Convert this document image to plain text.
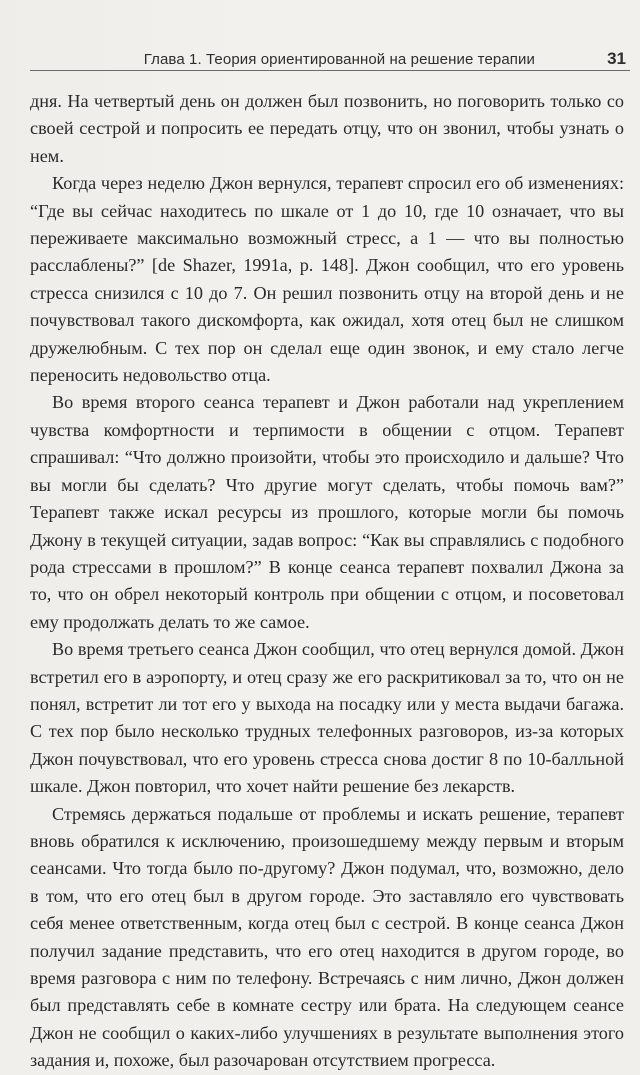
Глава 1. Теория ориентированной на решение терапии	31

дня. На четвертый день он должен был позвонить, но поговорить только со своей сестрой и попросить ее передать отцу, что он звонил, чтобы узнать о нем.

Когда через неделю Джон вернулся, терапевт спросил его об изменениях: “Где вы сейчас находитесь по шкале от 1 до 10, где 10 означает, что вы переживаете максимально возможный стресс, а 1 — что вы полностью расслаблены?” [de Shazer, 1991a, p. 148]. Джон сообщил, что его уровень стресса снизился с 10 до 7. Он решил позвонить отцу на второй день и не почувствовал такого дискомфорта, как ожидал, хотя отец был не слишком дружелюбным. С тех пор он сделал еще один звонок, и ему стало легче переносить недовольство отца.

Во время второго сеанса терапевт и Джон работали над укреплением чувства комфортности и терпимости в общении с отцом. Терапевт спрашивал: “Что должно произойти, чтобы это происходило и дальше? Что вы могли бы сделать? Что другие могут сделать, чтобы помочь вам?” Терапевт также искал ресурсы из прошлого, которые могли бы помочь Джону в текущей ситуации, задав вопрос: “Как вы справлялись с подобного рода стрессами в прошлом?” В конце сеанса терапевт похвалил Джона за то, что он обрел некоторый контроль при общении с отцом, и посоветовал ему продолжать делать то же самое.

Во время третьего сеанса Джон сообщил, что отец вернулся домой. Джон встретил его в аэропорту, и отец сразу же его раскритиковал за то, что он не понял, встретит ли тот его у выхода на посадку или у места выдачи багажа. С тех пор было несколько трудных телефонных разговоров, из-за которых Джон почувствовал, что его уровень стресса снова достиг 8 по 10-балльной шкале. Джон повторил, что хочет найти решение без лекарств.

Стремясь держаться подальше от проблемы и искать решение, терапевт вновь обратился к исключению, произошедшему между первым и вторым сеансами. Что тогда было по-другому? Джон подумал, что, возможно, дело в том, что его отец был в другом городе. Это заставляло его чувствовать себя менее ответственным, когда отец был с сестрой. В конце сеанса Джон получил задание представить, что его отец находится в другом городе, во время разговора с ним по телефону. Встречаясь с ним лично, Джон должен был представлять себе в комнате сестру или брата. На следующем сеансе Джон не сообщил о каких-либо улучшениях в результате выполнения этого задания и, похоже, был разочарован отсутствием прогресса.
